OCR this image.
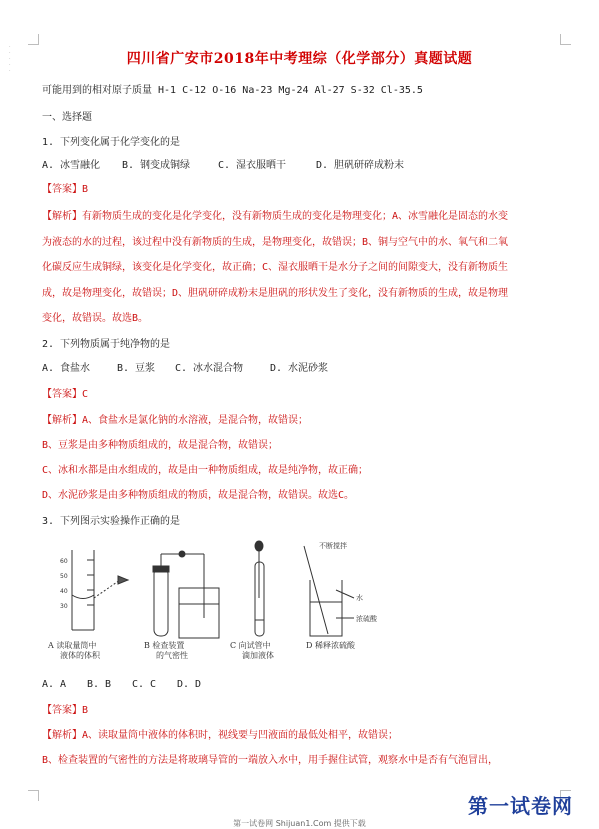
·
·
·
·
·
四川省广安市2018年中考理综（化学部分）真题试题
可能用到的相对原子质量 H-1 C-12 O-16 Na-23 Mg-24 Al-27 S-32 Cl-35.5
一、选择题
1. 下列变化属于化学变化的是
A. 冰雪融化 B. 钢变成铜绿	C. 湿衣服晒干	D. 胆矾研碎成粉末
【答案】B
【解析】有新物质生成的变化是化学变化，没有新物质生成的变化是物理变化；A、冰雪融化是固态的水变
为液态的水的过程，该过程中没有新物质的生成，是物理变化，故错误；B、铜与空气中的水、氧气和二氧
化碳反应生成铜绿，该变化是化学变化，故正确；C、湿衣服晒干是水分子之间的间隙变大，没有新物质生
成，故是物理变化，故错误；D、胆矾研碎成粉末是胆矾的形状发生了变化，没有新物质的生成，故是物理
变化，故错误。故选B。
2. 下列物质属于纯净物的是
A. 食盐水	B. 豆浆 C. 冰水混合物	D. 水泥砂浆
【答案】C
【解析】A、食盐水是氯化钠的水溶液，是混合物，故错误；
B、豆浆是由多种物质组成的，故是混合物，故错误；
C、冰和水都是由水组成的，故是由一种物质组成，故是纯净物，故正确；
D、水泥砂浆是由多种物质组成的物质，故是混合物，故错误。故选C。
3. 下列图示实验操作正确的是
60
50
40
30
不断搅拌
水
浓硫酸
A 读取量筒中
液体的体积
B 检查装置
的气密性
C 向试管中
滴加液体
D 稀释浓硫酸
A. A B. B C. C D. D
【答案】B
【解析】A、读取量筒中液体的体积时，视线要与凹液面的最低处相平，故错误；
B、检查装置的气密性的方法是将玻璃导管的一端放入水中，用手握住试管，观察水中是否有气泡冒出，
第一试卷网
第一试卷网 Shijuan1.Com 提供下载
